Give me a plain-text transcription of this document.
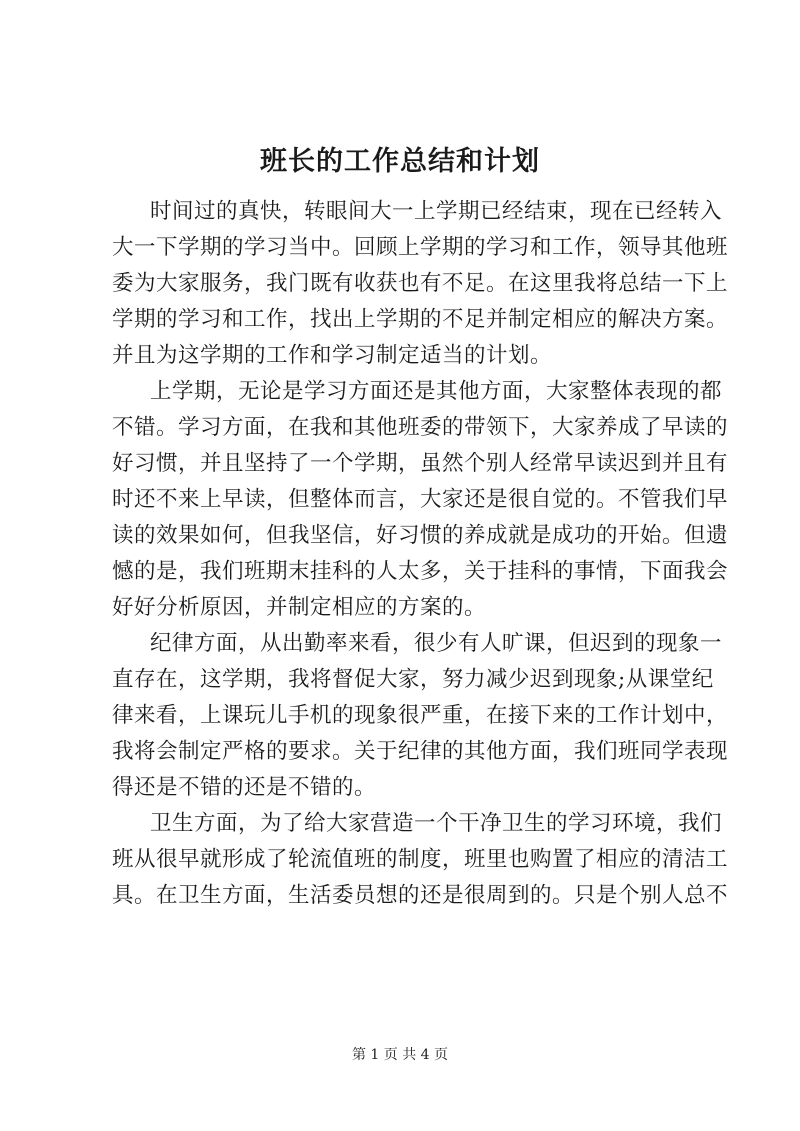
班长的工作总结和计划
时间过的真快，转眼间大一上学期已经结束，现在已经转入
大一下学期的学习当中。回顾上学期的学习和工作，领导其他班
委为大家服务，我门既有收获也有不足。在这里我将总结一下上
学期的学习和工作，找出上学期的不足并制定相应的解决方案。
并且为这学期的工作和学习制定适当的计划。
上学期，无论是学习方面还是其他方面，大家整体表现的都
不错。学习方面，在我和其他班委的带领下，大家养成了早读的
好习惯，并且坚持了一个学期，虽然个别人经常早读迟到并且有
时还不来上早读，但整体而言，大家还是很自觉的。不管我们早
读的效果如何，但我坚信，好习惯的养成就是成功的开始。但遗
憾的是，我们班期末挂科的人太多，关于挂科的事情，下面我会
好好分析原因，并制定相应的方案的。
纪律方面，从出勤率来看，很少有人旷课，但迟到的现象一
直存在，这学期，我将督促大家，努力减少迟到现象;从课堂纪
律来看，上课玩儿手机的现象很严重，在接下来的工作计划中，
我将会制定严格的要求。关于纪律的其他方面，我们班同学表现
得还是不错的还是不错的。
卫生方面，为了给大家营造一个干净卫生的学习环境，我们
班从很早就形成了轮流值班的制度，班里也购置了相应的清洁工
具。在卫生方面，生活委员想的还是很周到的。只是个别人总不
第 1 页 共 4 页
